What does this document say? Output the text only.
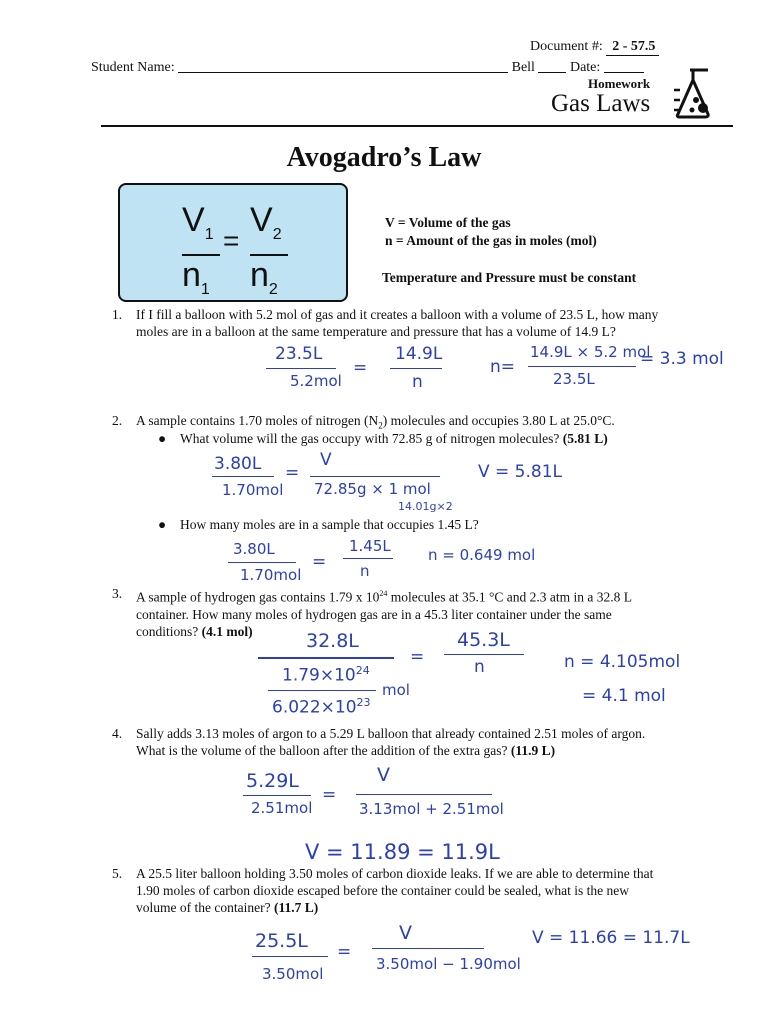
Document #: 2 - 57.5
Student Name:	Bell	Date:
Homework
Gas Laws
Avogadro’s Law
$V_1$
$n_1$
=
$V_2$
$n_2$
V = Volume of the gas
n = Amount of the gas in moles (mol)
Temperature and Pressure must be constant
1. If I fill a balloon with 5.2 mol of gas and it creates a balloon with a volume of 23.5 L, how many
moles are in a balloon at the same temperature and pressure that has a volume of 14.9 L?
23.5L
5.2mol
=
14.9L
n
n=
14.9L × 5.2 mol
23.5L
= 3.3 mol
2. A sample contains 1.70 moles of nitrogen $(N_2)$ molecules and occupies 3.80 L at 25.0°C.
● What volume will the gas occupy with 72.85 g of nitrogen molecules? (5.81 L)
3.80L
1.70mol
=
V
72.85g × 1 mol
14.01g×2
V = 5.81L
● How many moles are in a sample that occupies 1.45 L?
3.80L
1.70mol
=
1.45L
n
n = 0.649 mol
3. A sample of hydrogen gas contains 1.79 x $10^{24}$ molecules at 35.1 °C and 2.3 atm in a 32.8 L
container. How many moles of hydrogen gas are in a 45.3 liter container under the same
conditions? (4.1 mol)	32.8L
$1.79\times 10^{24}$
$6.022\times 10^{23}$
mol
=
45.3L
n	n = 4.105mol
= 4.1 mol
4. Sally adds 3.13 moles of argon to a 5.29 L balloon that already contained 2.51 moles of argon.
What is the volume of the balloon after the addition of the extra gas? (11.9 L)
5.29L
2.51mol
=
V
3.13mol + 2.51mol
V = 11.89 = 11.9L
5. A 25.5 liter balloon holding 3.50 moles of carbon dioxide leaks. If we are able to determine that
1.90 moles of carbon dioxide escaped before the container could be sealed, what is the new
volume of the container? (11.7 L)
25.5L
3.50mol
=
V
3.50mol − 1.90mol
V = 11.66 = 11.7L
